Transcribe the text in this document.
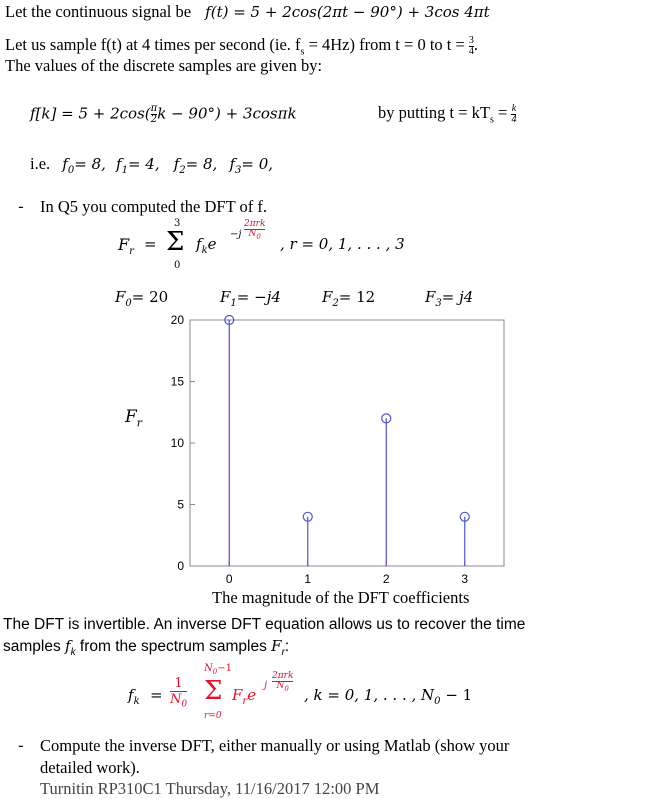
Let the continuous signal be f(t) = 5 + 2cos(2πt − 90°) + 3cos 4πt
Let us sample f(t) at 4 times per second (ie. $f_s = 4Hz$) from t = 0 to $t = \frac{3}{4}$ .
The values of the discrete samples are given by:
$f[k] = 5 + 2\cos( \frac{\pi}{2}$ k − 90°) + 3cosπk	by putting $t = kT_s = \frac{k}{4}$
i.e. $f_0= 8$, $f_1= 4$, $f_2= 8$, $f_3= 0$,
- In Q5 you computed the DFT of f.
$F_r$ =
3
Σ
0
$f_ke$
−j
2πrk
$N_0$	, r = 0, 1, . . . , 3
$F_0= 20$	$F_1= -j4$	$F_2= 12$	$F_3= j4$
0
5
10
15
20
0	1	2	3
$F_r$
The magnitude of the DFT coefficients
The DFT is invertible. An inverse DFT equation allows us to recover the time
samples $f_k$ from the spectrum samples $F_r$:
$f_k$ =
1
$N_0$
$N_0-1$
Σ
r=0
$F_re$
j
2πrk
$N_0$	, k = 0, 1, . . . , $N_0 - 1$
- Compute the inverse DFT, either manually or using Matlab (show your
detailed work).
Turnitin RP310C1 Thursday, 11/16/2017 12:00 PM
